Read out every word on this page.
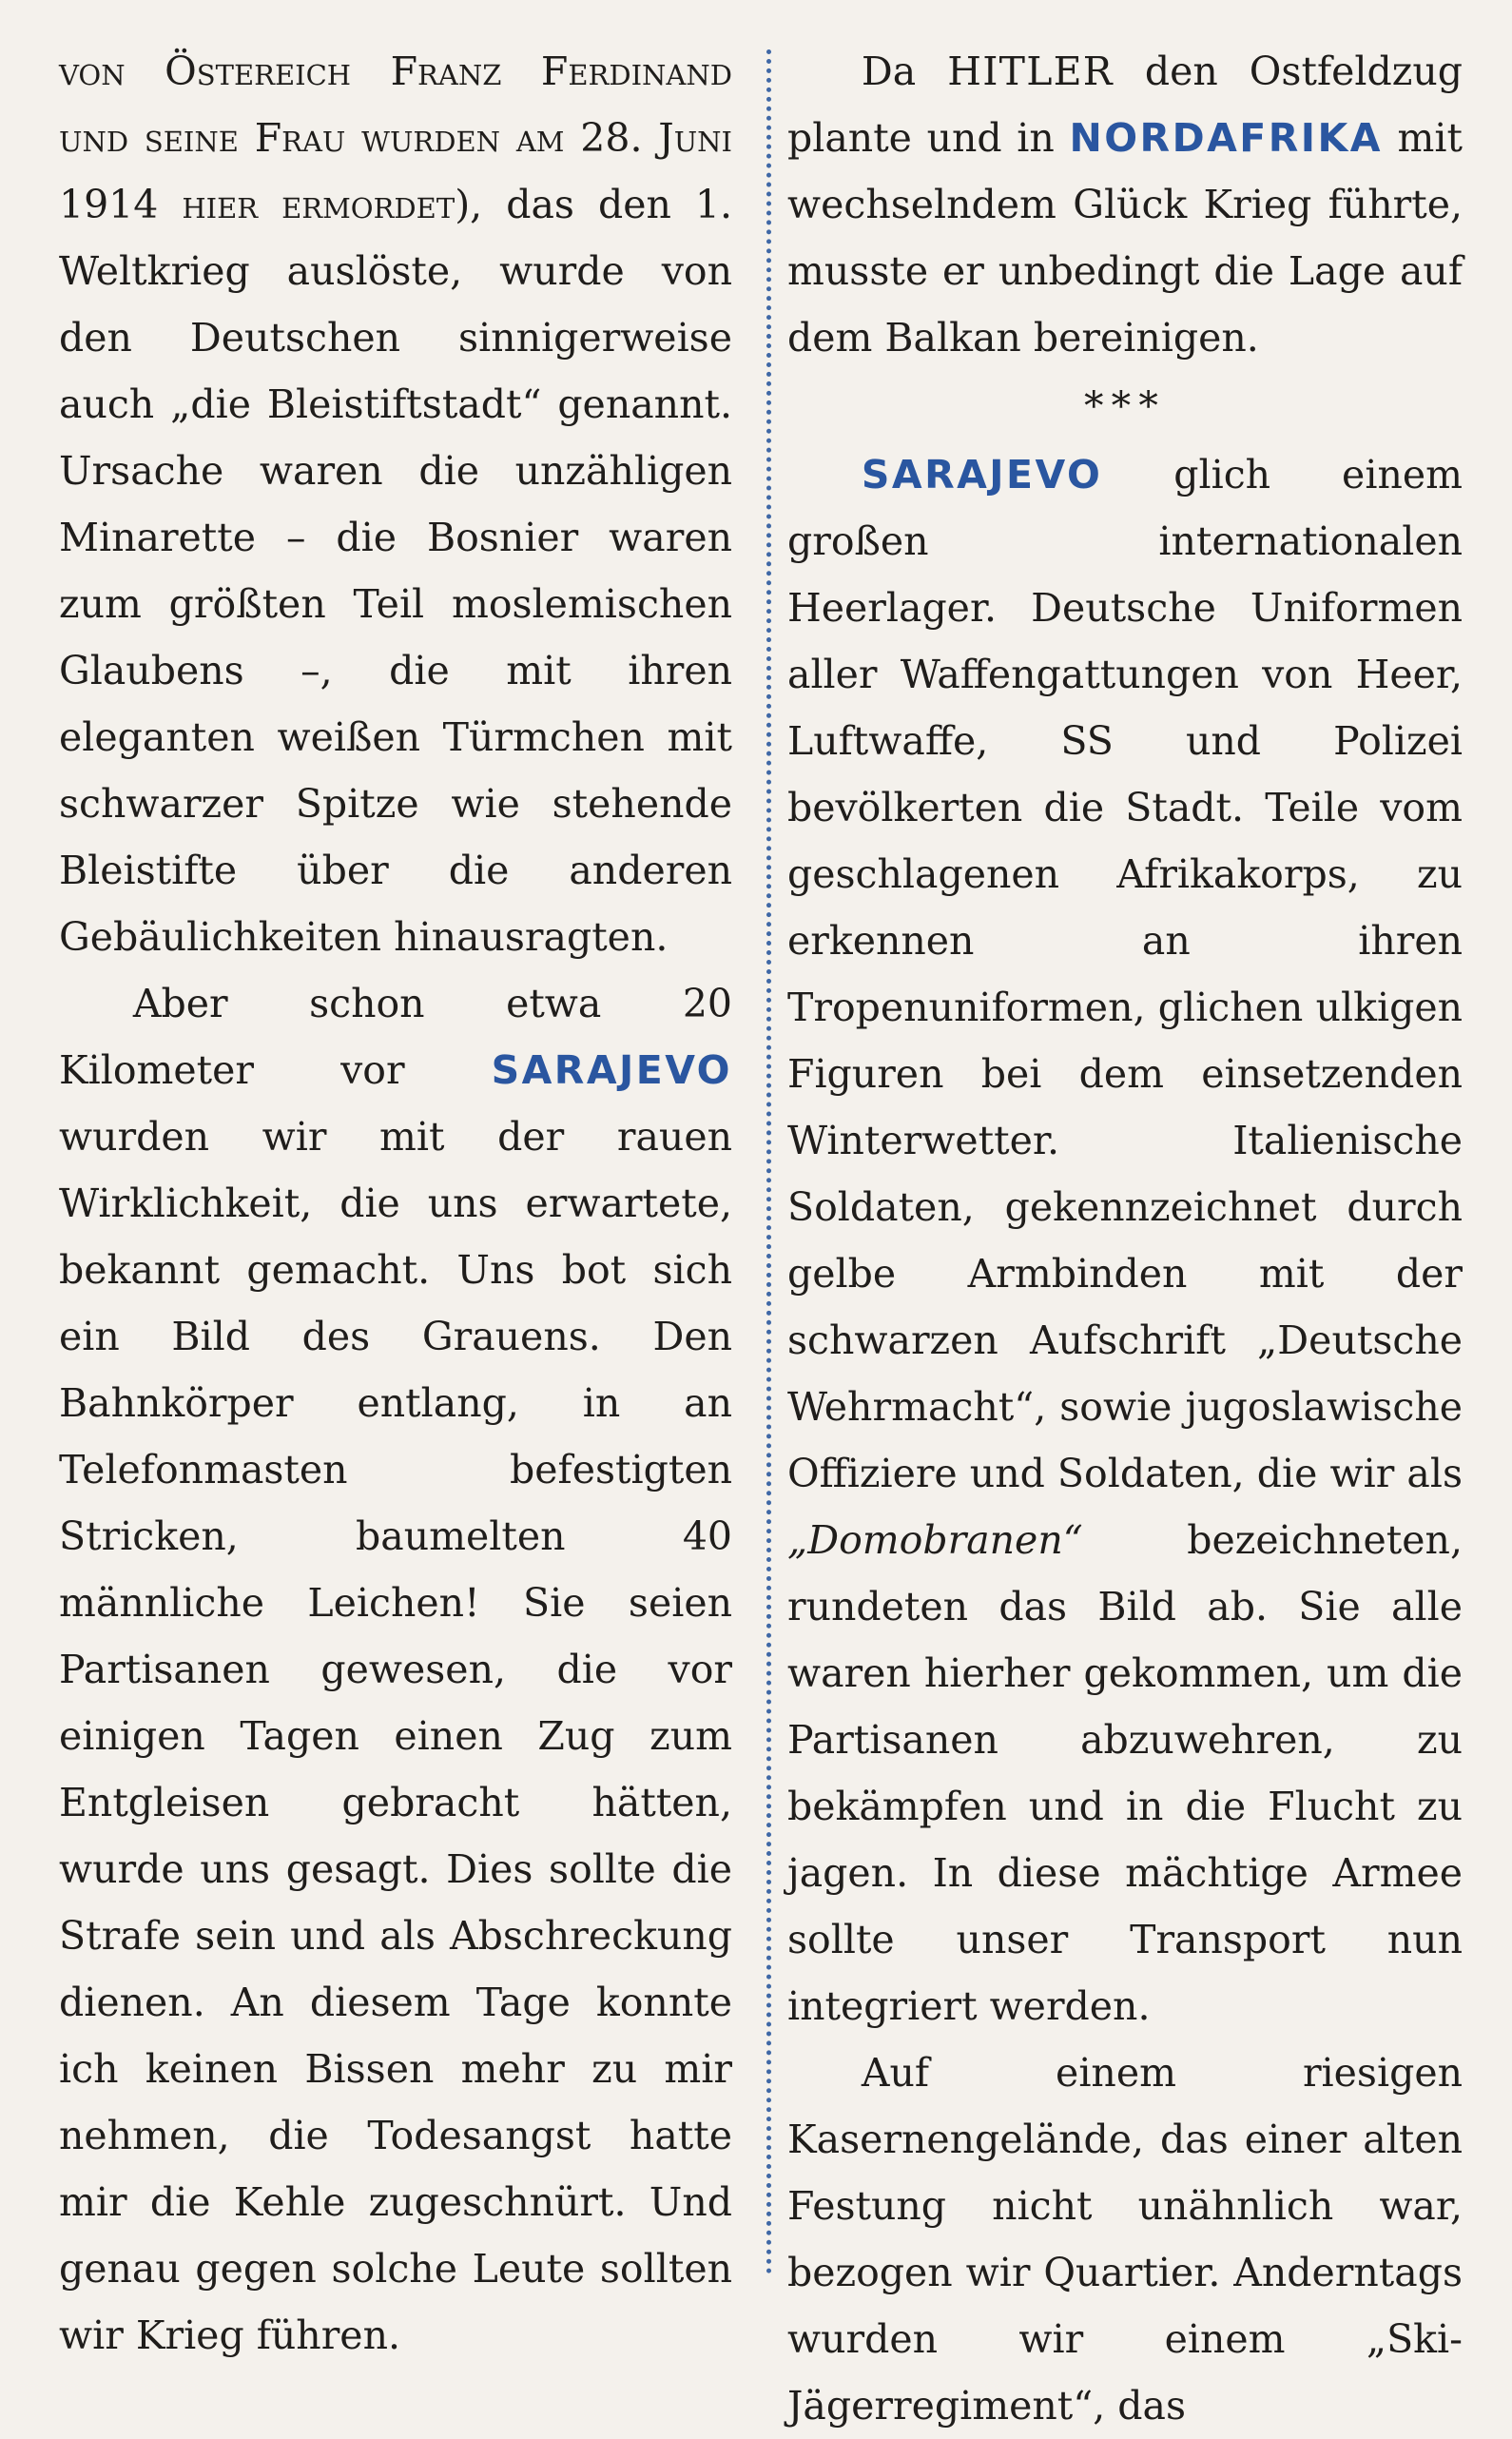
von Östereich Franz Ferdinand und seine Frau wurden am 28. Juni 1914 hier ermordet), das den 1. Weltkrieg auslöste, wurde von den Deutschen sinnigerweise auch „die Bleistiftstadt“ genannt. Ursache waren die unzähligen Minarette – die Bosnier waren zum größten Teil moslemischen Glaubens –, die mit ihren eleganten weißen Türmchen mit schwarzer Spitze wie stehende Bleistifte über die anderen Gebäulichkeiten hinausragten.

Aber schon etwa 20 Kilometer vor SARAJEVO wurden wir mit der rauen Wirklichkeit, die uns erwartete, bekannt gemacht. Uns bot sich ein Bild des Grauens. Den Bahnkörper entlang, in an Telefonmasten befestigten Stricken, baumelten 40 männliche Leichen! Sie seien Partisanen gewesen, die vor einigen Tagen einen Zug zum Entgleisen gebracht hätten, wurde uns gesagt. Dies sollte die Strafe sein und als Abschreckung dienen. An diesem Tage konnte ich keinen Bissen mehr zu mir nehmen, die Todesangst hatte mir die Kehle zugeschnürt. Und genau gegen solche Leute sollten wir Krieg führen.

Da HITLER den Ostfeldzug plante und in NORDAFRIKA mit wechselndem Glück Krieg führte, musste er unbedingt die Lage auf dem Balkan bereinigen.

***

SARAJEVO glich einem großen internationalen Heerlager. Deutsche Uniformen aller Waffengattungen von Heer, Luftwaffe, SS und Polizei bevölkerten die Stadt. Teile vom geschlagenen Afrikakorps, zu erkennen an ihren Tropenuniformen, glichen ulkigen Figuren bei dem einsetzenden Winterwetter. Italienische Soldaten, gekennzeichnet durch gelbe Armbinden mit der schwarzen Aufschrift „Deutsche Wehrmacht“, sowie jugoslawische Offiziere und Soldaten, die wir als „Domobranen“ bezeichneten, rundeten das Bild ab. Sie alle waren hierher gekommen, um die Partisanen abzuwehren, zu bekämpfen und in die Flucht zu jagen. In diese mächtige Armee sollte unser Transport nun integriert werden.

Auf einem riesigen Kasernengelände, das einer alten Festung nicht unähnlich war, bezogen wir Quartier. Anderntags wurden wir einem „Ski-Jägerregiment“, das
